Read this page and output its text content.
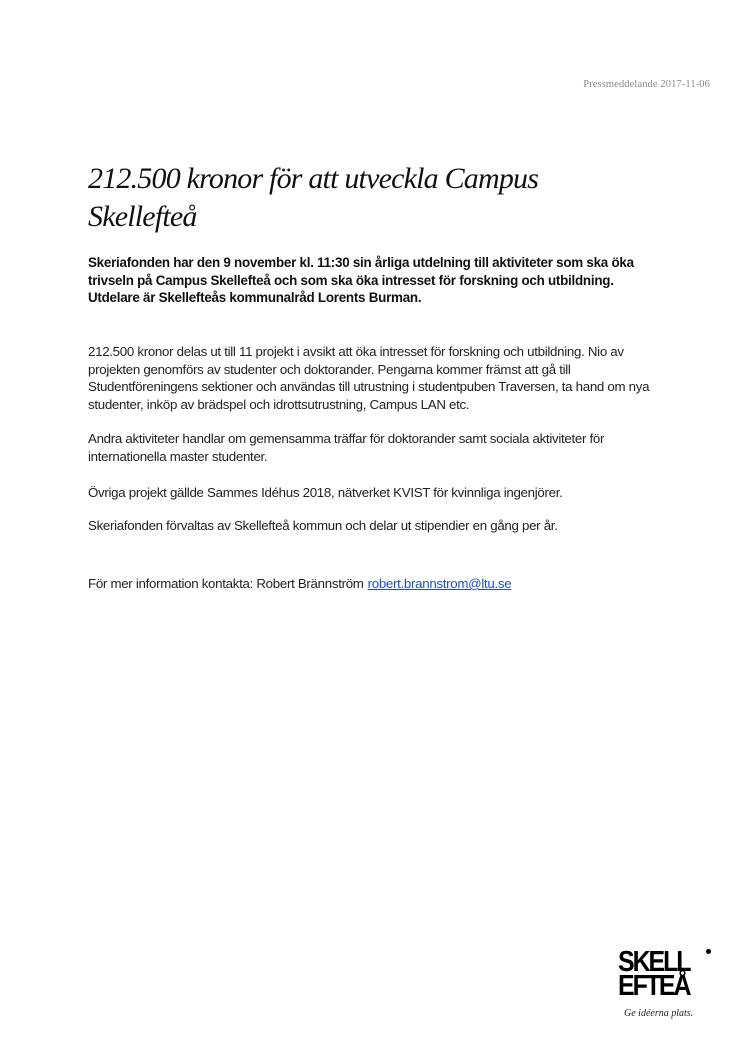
Pressmeddelande 2017-11-06
212.500 kronor för att utveckla Campus Skellefteå

Skeriafonden har den 9 november kl. 11:30 sin årliga utdelning till aktiviteter som ska öka trivseln på Campus Skellefteå och som ska öka intresset för forskning och utbildning. Utdelare är Skellefteås kommunalråd Lorents Burman.

212.500 kronor delas ut till 11 projekt i avsikt att öka intresset för forskning och utbildning. Nio av projekten genomförs av studenter och doktorander. Pengarna kommer främst att gå till Studentföreningens sektioner och användas till utrustning i studentpuben Traversen, ta hand om nya studenter, inköp av brädspel och idrottsutrustning, Campus LAN etc.

Andra aktiviteter handlar om gemensamma träffar för doktorander samt sociala aktiviteter för internationella master studenter.

Övriga projekt gällde Sammes Idéhus 2018, nätverket KVIST för kvinnliga ingenjörer.

Skeriafonden förvaltas av Skellefteå kommun och delar ut stipendier en gång per år.

För mer information kontakta: Robert Brännström robert.brannstrom@ltu.se

SKELL

EFTEÅ

Ge idéerna plats.
